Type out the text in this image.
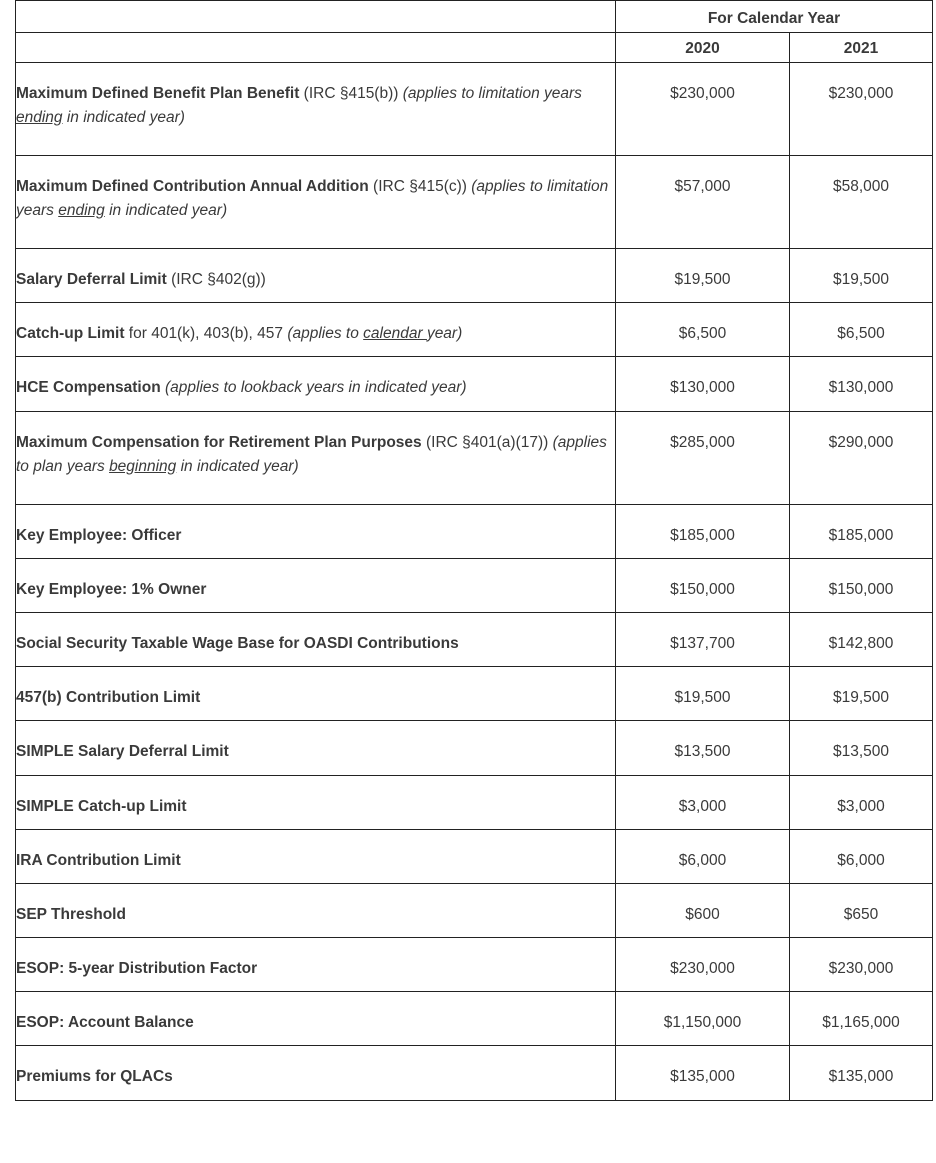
	For Calendar Year	

	2020	2021

Maximum Defined Benefit Plan Benefit (IRC §415(b)) (applies to limitation years ending in indicated year)	$230,000	$230,000

Maximum Defined Contribution Annual Addition (IRC §415(c)) (applies to limitation years ending in indicated year)	$57,000	$58,000

Salary Deferral Limit (IRC §402(g))	$19,500	$19,500

Catch-up Limit for 401(k), 403(b), 457 (applies to calendar year)	$6,500	$6,500

HCE Compensation (applies to lookback years in indicated year)	$130,000	$130,000

Maximum Compensation for Retirement Plan Purposes (IRC §401(a)(17)) (applies to plan years beginning in indicated year)	$285,000	$290,000

Key Employee: Officer	$185,000	$185,000

Key Employee: 1% Owner	$150,000	$150,000

Social Security Taxable Wage Base for OASDI Contributions	$137,700	$142,800

457(b) Contribution Limit	$19,500	$19,500

SIMPLE Salary Deferral Limit	$13,500	$13,500

SIMPLE Catch-up Limit	$3,000	$3,000

IRA Contribution Limit	$6,000	$6,000

SEP Threshold	$600	$650

ESOP: 5-year Distribution Factor	$230,000	$230,000

ESOP: Account Balance	$1,150,000	$1,165,000

Premiums for QLACs	$135,000	$135,000
